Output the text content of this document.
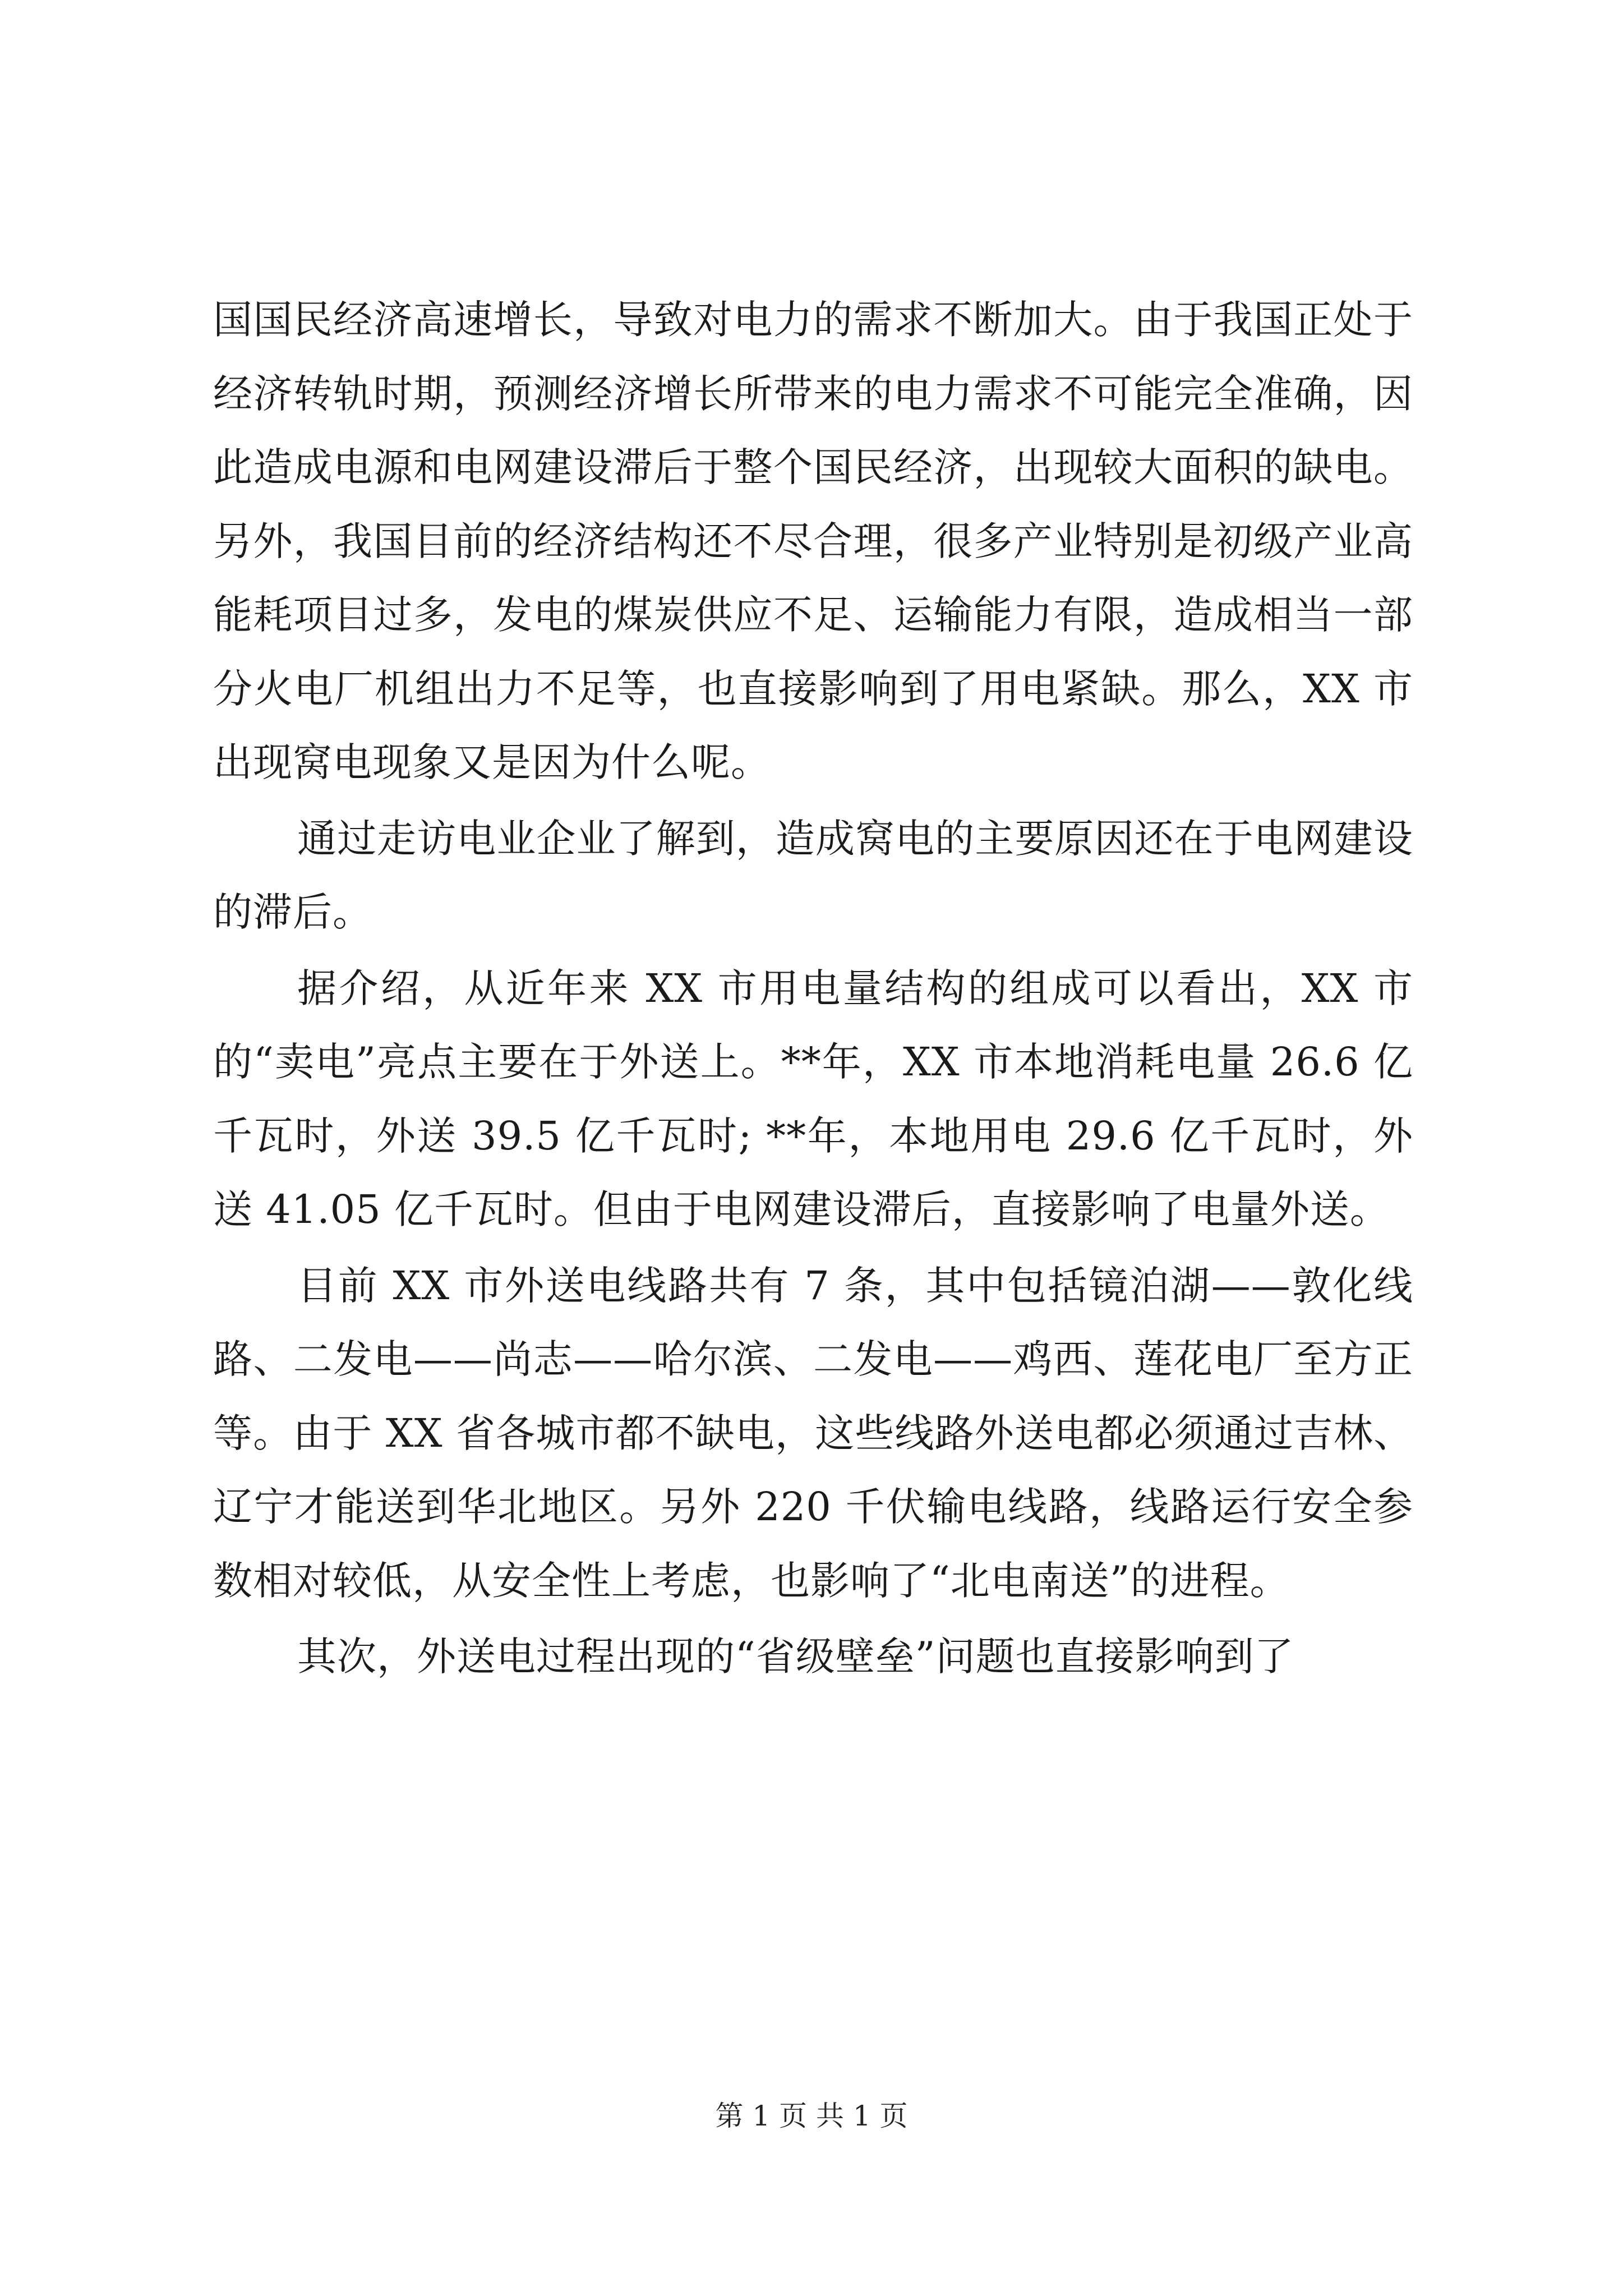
国国民经济高速增长，导致对电力的需求不断加大。由于我国正处于经济转轨时期，预测经济增长所带来的电力需求不可能完全准确，因此造成电源和电网建设滞后于整个国民经济，出现较大面积的缺电。另外，我国目前的经济结构还不尽合理，很多产业特别是初级产业高能耗项目过多，发电的煤炭供应不足、运输能力有限，造成相当一部分火电厂机组出力不足等，也直接影响到了用电紧缺。那么，XX 市出现窝电现象又是因为什么呢。

通过走访电业企业了解到，造成窝电的主要原因还在于电网建设的滞后。

据介绍，从近年来 XX 市用电量结构的组成可以看出，XX 市的“卖电”亮点主要在于外送上。**年，XX 市本地消耗电量 26.6 亿千瓦时，外送 39.5 亿千瓦时; **年，本地用电 29.6 亿千瓦时，外送 41.05 亿千瓦时。但由于电网建设滞后，直接影响了电量外送。

目前 XX 市外送电线路共有 7 条，其中包括镜泊湖——敦化线路、二发电——尚志——哈尔滨、二发电——鸡西、莲花电厂至方正等。由于 XX 省各城市都不缺电，这些线路外送电都必须通过吉林、辽宁才能送到华北地区。另外 220 千伏输电线路，线路运行安全参数相对较低，从安全性上考虑，也影响了“北电南送”的进程。

其次，外送电过程出现的“省级壁垒”问题也直接影响到了

第 1 页 共 1 页
